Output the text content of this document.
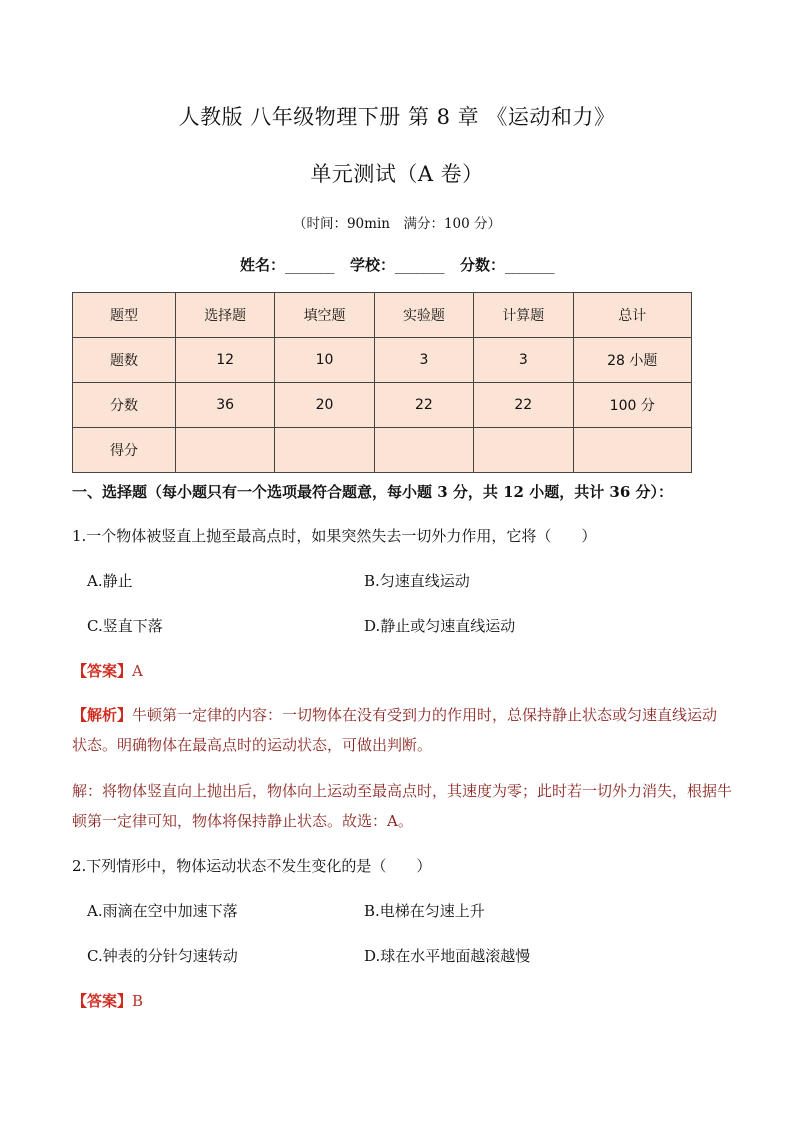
人教版 八年级物理下册 第 8 章 《运动和力》
单元测试（A 卷）
（时间：90min　满分：100 分）
姓名：_______ 学校：_______ 分数：_______
题型	选择题	填空题	实验题	计算题	总计
题数	12	10	3	3	28 小题
分数	36	20	22	22	100 分
得分					
一、选择题（每小题只有一个选项最符合题意，每小题 3 分，共 12 小题，共计 36 分）：
1.一个物体被竖直上抛至最高点时，如果突然失去一切外力作用，它将（　　）
A.静止	B.匀速直线运动
C.竖直下落	D.静止或匀速直线运动
【答案】A
【解析】牛顿第一定律的内容：一切物体在没有受到力的作用时，总保持静止状态或匀速直线运动状态。明确物体在最高点时的运动状态，可做出判断。
解：将物体竖直向上抛出后，物体向上运动至最高点时，其速度为零；此时若一切外力消失，根据牛顿第一定律可知，物体将保持静止状态。故选：A。
2.下列情形中，物体运动状态不发生变化的是（　　）
A.雨滴在空中加速下落	B.电梯在匀速上升
C.钟表的分针匀速转动	D.球在水平地面越滚越慢
【答案】B
